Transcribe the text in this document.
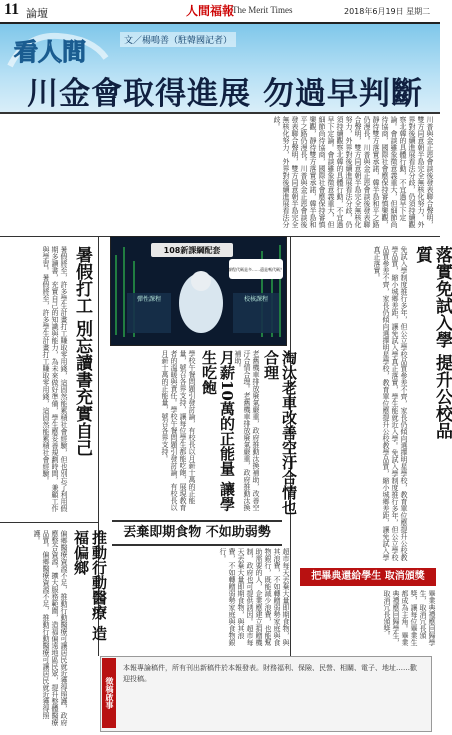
11 論壇	人間福報
The Merit Times	2018年6月19日 星期二
看人間	文／楊鳴善（駐韓國記者）
川金會取得進展 勿過早判斷
川普與金正恩會談後發表聯合聲明，雙方同意朝半島完全無核化努力，外界對後續進展看法分歧，仍須持續觀察北韓的具體行動，不宜過早下定論。會談雖象徵意義重大，但細節尚待協商，國際社會應保持審慎樂觀，靜待雙方落實承諾，韓半島和平之路仍漫長。川普與金正恩會談後發表聯合聲明，雙方同意朝半島完全無核化努力，外界對後續進展看法分歧，仍須持續觀察北韓的具體行動，不宜過早下定論。會談雖象徵意義重大，但細節尚待協商，國際社會應保持審慎樂觀，靜待雙方落實承諾，韓半島和平之路仍漫長。川普與金正恩會談後發表聯合聲明，雙方同意朝半島完全無核化努力，外界對後續進展看法分歧。
暑假打工 別忘讀書充實自己
暑假將至，許多學生計畫打工賺取零用錢，這固然能累積社會經驗，但也別忘了利用假期多讀書，充實自己的知識與能力，為未來做好準備，學生應妥善規劃時間，兼顧工作與學習。暑假將至，許多學生計畫打工賺取零用錢，這固然能累積社會經驗。
推動行動醫療 造福偏鄉
偏鄉醫療資源不足，推動行動醫療可讓居民就近獲得照護，政府應整合資源，擴大服務範圍，造福偏遠地區民眾，提升整體醫療品質。偏鄉醫療資源不足，推動行動醫療可讓居民就近獲得照護。
108新課綱配套
課程代碼是多……還是嗎代碼？
彈性課程	校核課程
月薪10萬的正能量 讓學生吃飽
學校午餐問題引發討論，有校長以月薪十萬的正能量，號召各界支持，讓每位學生都能吃飽，展現教育者的溫暖與責任。學校午餐問題引發討論，有校長以月薪十萬的正能量，號召各界支持。	淘汰老車改善空汙合情也合理
老舊機車排放廢氣嚴重，政府推動汰換補助，改善空汙合情合理。老舊機車排放廢氣嚴重，政府推動汰換補助。
丟棄即期食物 不如助弱勢
超市每天丟棄大量即期食物，與其浪費，不如轉贈弱勢家庭與食物銀行，既能減少浪費，也能幫助需要的人，企業應建立捐贈機制，政府也可提供誘因。超市每天丟棄大量即期食物，與其浪費，不如轉贈弱勢家庭與食物銀行。
落實免試入學 提升公校品質
免試入學制度推行多年，但公立學校品質參差不齊，家長仍傾向選擇明星學校，教育單位應提升公校教學品質，縮小城鄉差距，讓免試入學真正落實，學生能就近入學。免試入學制度推行多年，但公立學校品質參差不齊，家長仍傾向選擇明星學校，教育單位應提升公校教學品質，縮小城鄉差距，讓免試入學真正落實。
把畢典還給學生 取消頒獎
畢業典禮應回歸學生，取消冗長頒獎，讓每位畢業生都成為主角。畢業典禮應回歸學生，取消冗長頒獎。
本報專論稿件，所有刊出新稿件於本報發表。財務福利、保險、民營、相關、電子、地址……歡迎投稿。
徵稿啟事
